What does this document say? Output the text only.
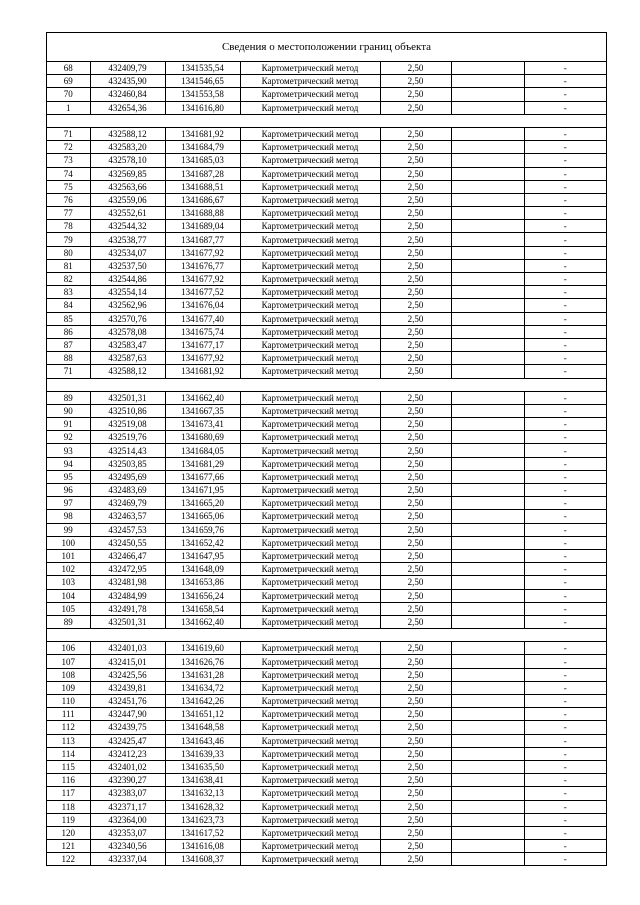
Сведения о местоположении границ объекта
68	432409,79	1341535,54	Картометрический метод	2,50		-
69	432435,90	1341546,65	Картометрический метод	2,50		-
70	432460,84	1341553,58	Картометрический метод	2,50		-
1	432654,36	1341616,80	Картометрический метод	2,50		-

71	432588,12	1341681,92	Картометрический метод	2,50		-
72	432583,20	1341684,79	Картометрический метод	2,50		-
73	432578,10	1341685,03	Картометрический метод	2,50		-
74	432569,85	1341687,28	Картометрический метод	2,50		-
75	432563,66	1341688,51	Картометрический метод	2,50		-
76	432559,06	1341686,67	Картометрический метод	2,50		-
77	432552,61	1341688,88	Картометрический метод	2,50		-
78	432544,32	1341689,04	Картометрический метод	2,50		-
79	432538,77	1341687,77	Картометрический метод	2,50		-
80	432534,07	1341677,92	Картометрический метод	2,50		-
81	432537,50	1341676,77	Картометрический метод	2,50		-
82	432544,86	1341677,92	Картометрический метод	2,50		-
83	432554,14	1341677,52	Картометрический метод	2,50		-
84	432562,96	1341676,04	Картометрический метод	2,50		-
85	432570,76	1341677,40	Картометрический метод	2,50		-
86	432578,08	1341675,74	Картометрический метод	2,50		-
87	432583,47	1341677,17	Картометрический метод	2,50		-
88	432587,63	1341677,92	Картометрический метод	2,50		-
71	432588,12	1341681,92	Картометрический метод	2,50		-

89	432501,31	1341662,40	Картометрический метод	2,50		-
90	432510,86	1341667,35	Картометрический метод	2,50		-
91	432519,08	1341673,41	Картометрический метод	2,50		-
92	432519,76	1341680,69	Картометрический метод	2,50		-
93	432514,43	1341684,05	Картометрический метод	2,50		-
94	432503,85	1341681,29	Картометрический метод	2,50		-
95	432495,69	1341677,66	Картометрический метод	2,50		-
96	432483,69	1341671,95	Картометрический метод	2,50		-
97	432469,79	1341665,20	Картометрический метод	2,50		-
98	432463,57	1341665,06	Картометрический метод	2,50		-
99	432457,53	1341659,76	Картометрический метод	2,50		-
100	432450,55	1341652,42	Картометрический метод	2,50		-
101	432466,47	1341647,95	Картометрический метод	2,50		-
102	432472,95	1341648,09	Картометрический метод	2,50		-
103	432481,98	1341653,86	Картометрический метод	2,50		-
104	432484,99	1341656,24	Картометрический метод	2,50		-
105	432491,78	1341658,54	Картометрический метод	2,50		-
89	432501,31	1341662,40	Картометрический метод	2,50		-

106	432401,03	1341619,60	Картометрический метод	2,50		-
107	432415,01	1341626,76	Картометрический метод	2,50		-
108	432425,56	1341631,28	Картометрический метод	2,50		-
109	432439,81	1341634,72	Картометрический метод	2,50		-
110	432451,76	1341642,26	Картометрический метод	2,50		-
111	432447,90	1341651,12	Картометрический метод	2,50		-
112	432439,75	1341648,58	Картометрический метод	2,50		-
113	432425,47	1341643,46	Картометрический метод	2,50		-
114	432412,23	1341639,33	Картометрический метод	2,50		-
115	432401,02	1341635,50	Картометрический метод	2,50		-
116	432390,27	1341638,41	Картометрический метод	2,50		-
117	432383,07	1341632,13	Картометрический метод	2,50		-
118	432371,17	1341628,32	Картометрический метод	2,50		-
119	432364,00	1341623,73	Картометрический метод	2,50		-
120	432353,07	1341617,52	Картометрический метод	2,50		-
121	432340,56	1341616,08	Картометрический метод	2,50		-
122	432337,04	1341608,37	Картометрический метод	2,50		-
